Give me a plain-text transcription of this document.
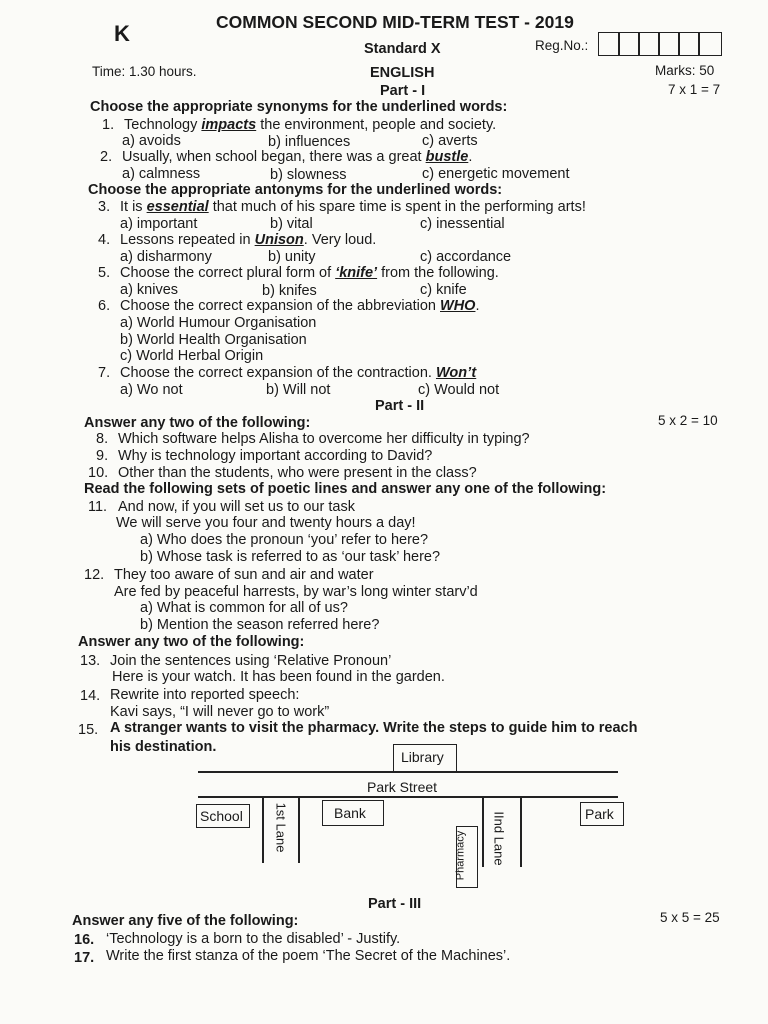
K	COMMON SECOND MID-TERM TEST - 2019
Standard X	Reg.No.:
Time: 1.30 hours.	ENGLISH	Marks: 50
Part - I	7 x 1 = 7
Choose the appropriate synonyms for the underlined words:
1. Technology impacts the environment, people and society.
a) avoids	b) influences	c) averts
2. Usually, when school began, there was a great bustle.
a) calmness	b) slowness	c) energetic movement
Choose the appropriate antonyms for the underlined words:
3. It is essential that much of his spare time is spent in the performing arts!
a) important	b) vital	c) inessential
4. Lessons repeated in Unison. Very loud.
a) disharmony	b) unity	c) accordance
5. Choose the correct plural form of ‘knife’ from the following.
a) knives	b) knifes	c) knife
6. Choose the correct expansion of the abbreviation WHO.
a) World Humour Organisation
b) World Health Organisation
c) World Herbal Origin
7. Choose the correct expansion of the contraction. Won’t
a) Wo not	b) Will not	c) Would not
Part - II
Answer any two of the following:	5 x 2 = 10
8. Which software helps Alisha to overcome her difficulty in typing?
9. Why is technology important according to David?
10. Other than the students, who were present in the class?
Read the following sets of poetic lines and answer any one of the following:
11. And now, if you will set us to our task
We will serve you four and twenty hours a day!
a) Who does the pronoun ‘you’ refer to here?
b) Whose task is referred to as ‘our task’ here?
12. They too aware of sun and air and water
Are fed by peaceful harrests, by war’s long winter starv’d
a) What is common for all of us?
b) Mention the season referred here?
Answer any two of the following:
13. Join the sentences using ‘Relative Pronoun’
Here is your watch. It has been found in the garden.
14. Rewrite into reported speech:
Kavi says, “I will never go to work”
15. A stranger wants to visit the pharmacy. Write the steps to guide him to reach
his destination.
Library
Park Street
School 1st Lane	Bank
Pharmacy IInd Lane	Park
Part - III
Answer any five of the following:	5 x 5 = 25
16. ‘Technology is a born to the disabled’ - Justify.
17. Write the first stanza of the poem ‘The Secret of the Machines’.
